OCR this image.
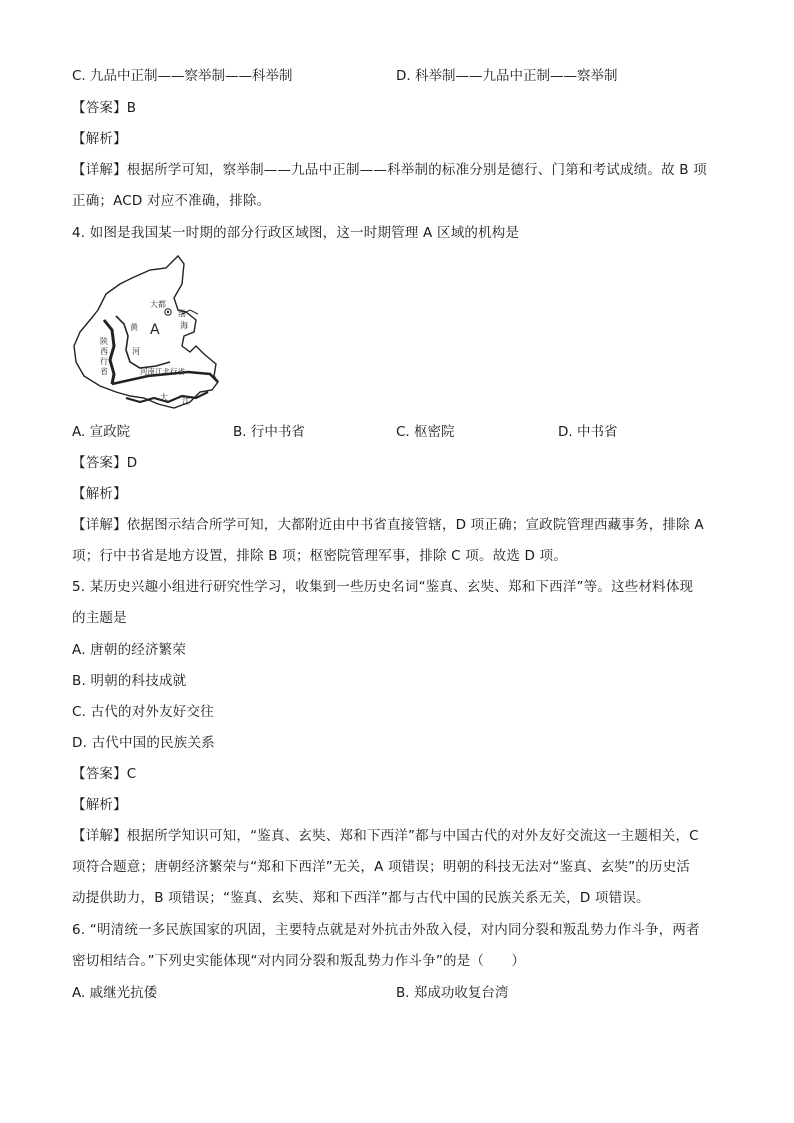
C. 九品中正制——察举制——科举制	D. 科举制——九品中正制——察举制
【答案】B
【解析】
【详解】根据所学可知，察举制——九品中正制——科举制的标准分别是德行、门第和考试成绩。故 B 项
正确；ACD 对应不准确，排除。
4. 如图是我国某一时期的部分行政区域图，这一时期管理 A 区域的机构是
大都
A
渤
海
黄
河
陕
西
行
省	河南江北行省
大 江
A. 宣政院	B. 行中书省	C. 枢密院	D. 中书省
【答案】D
【解析】
【详解】依据图示结合所学可知，大都附近由中书省直接管辖，D 项正确；宣政院管理西藏事务，排除 A
项；行中书省是地方设置，排除 B 项；枢密院管理军事，排除 C 项。故选 D 项。
5. 某历史兴趣小组进行研究性学习，收集到一些历史名词“鉴真、玄奘、郑和下西洋”等。这些材料体现
的主题是
A. 唐朝的经济繁荣
B. 明朝的科技成就
C. 古代的对外友好交往
D. 古代中国的民族关系
【答案】C
【解析】
【详解】根据所学知识可知，“鉴真、玄奘、郑和下西洋”都与中国古代的对外友好交流这一主题相关，C
项符合题意；唐朝经济繁荣与“郑和下西洋”无关，A 项错误；明朝的科技无法对“鉴真、玄奘”的历史活
动提供助力，B 项错误；“鉴真、玄奘、郑和下西洋”都与古代中国的民族关系无关，D 项错误。
6. “明清统一多民族国家的巩固，主要特点就是对外抗击外敌入侵，对内同分裂和叛乱势力作斗争，两者
密切相结合。”下列史实能体现“对内同分裂和叛乱势力作斗争”的是（　　）
A. 戚继光抗倭	B. 郑成功收复台湾
